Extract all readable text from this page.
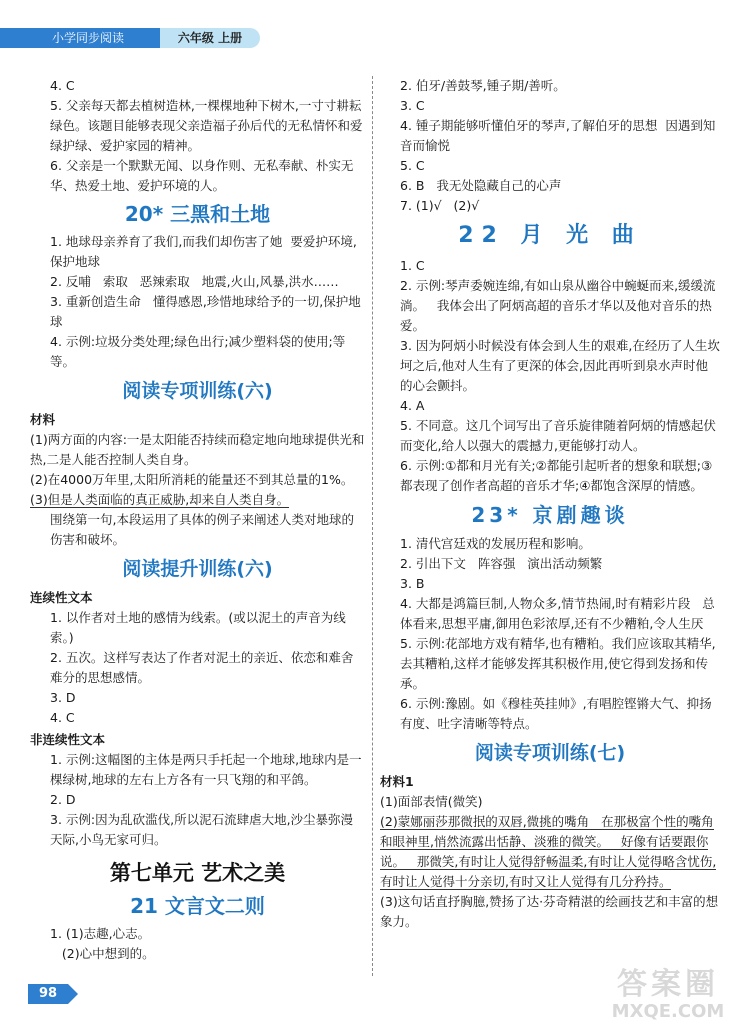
小学同步阅读	六年级 上册

4. C

5. 父亲每天都去植树造林,一棵棵地种下树木,一寸寸耕耘绿色。该题目能够表现父亲造福子孙后代的无私情怀和爱绿护绿、爱护家园的精神。

6. 父亲是一个默默无闻、以身作则、无私奉献、朴实无华、热爱土地、爱护环境的人。

20* 三黑和土地

1. 地球母亲养育了我们,而我们却伤害了她  要爱护环境,保护地球

2. 反哺   索取   恶辣索取   地震,火山,风暴,洪水……

3. 重新创造生命   懂得感恩,珍惜地球给予的一切,保护地球

4. 示例:垃圾分类处理;绿色出行;减少塑料袋的使用;等等。

阅读专项训练(六)
材料

(1)两方面的内容:一是太阳能否持续而稳定地向地球提供光和热,二是人能否控制人类自身。

(2)在4000万年里,太阳所消耗的能量还不到其总量的1%。

(3)但是人类面临的真正威胁,却来自人类自身。

围绕第一句,本段运用了具体的例子来阐述人类对地球的伤害和破坏。

阅读提升训练(六)
连续性文本

1. 以作者对土地的感情为线索。(或以泥土的声音为线索。)

2. 五次。这样写表达了作者对泥土的亲近、依恋和难舍难分的思想感情。

3. D

4. C

非连续性文本

1. 示例:这幅图的主体是两只手托起一个地球,地球内是一棵绿树,地球的左右上方各有一只飞翔的和平鸽。

2. D

3. 示例:因为乱砍滥伐,所以泥石流肆虐大地,沙尘暴弥漫天际,小鸟无家可归。

第七单元 艺术之美
21 文言文二则

1. (1)志趣,心志。

(2)心中想到的。

2. 伯牙/善鼓琴,锺子期/善听。

3. C

4. 锺子期能够听懂伯牙的琴声,了解伯牙的思想  因遇到知音而愉悦

5. C

6. B   我无处隐藏自己的心声

7. (1)√   (2)√

22 月 光 曲

1. C

2. 示例:琴声委婉连绵,有如山泉从幽谷中蜿蜒而来,缓缓流淌。   我体会出了阿炳高超的音乐才华以及他对音乐的热爱。

3. 因为阿炳小时候没有体会到人生的艰难,在经历了人生坎坷之后,他对人生有了更深的体会,因此再听到泉水声时他的心会颤抖。

4. A

5. 不同意。这几个词写出了音乐旋律随着阿炳的情感起伏而变化,给人以强大的震撼力,更能够打动人。

6. 示例:①都和月光有关;②都能引起听者的想象和联想;③都表现了创作者高超的音乐才华;④都饱含深厚的情感。

23* 京剧趣谈

1. 清代宫廷戏的发展历程和影响。

2. 引出下文   阵容强   演出活动频繁

3. B

4. 大都是鸿篇巨制,人物众多,情节热闹,时有精彩片段   总体看来,思想平庸,御用色彩浓厚,还有不少糟粕,令人生厌

5. 示例:花部地方戏有精华,也有糟粕。我们应该取其精华,去其糟粕,这样才能够发挥其积极作用,使它得到发扬和传承。

6. 示例:豫剧。如《穆桂英挂帅》,有唱腔铿锵大气、抑扬有度、吐字清晰等特点。

阅读专项训练(七)
材料1

(1)面部表情(微笑)

(2)蒙娜丽莎那微抿的双唇,微挑的嘴角   在那极富个性的嘴角和眼神里,悄然流露出恬静、淡雅的微笑。   好像有话要跟你说。   那微笑,有时让人觉得舒畅温柔,有时让人觉得略含忧伤,有时让人觉得十分亲切,有时又让人觉得有几分矜持。

(3)这句话直抒胸臆,赞扬了达·芬奇精湛的绘画技艺和丰富的想象力。

98	答案圈
MXQE.COM
